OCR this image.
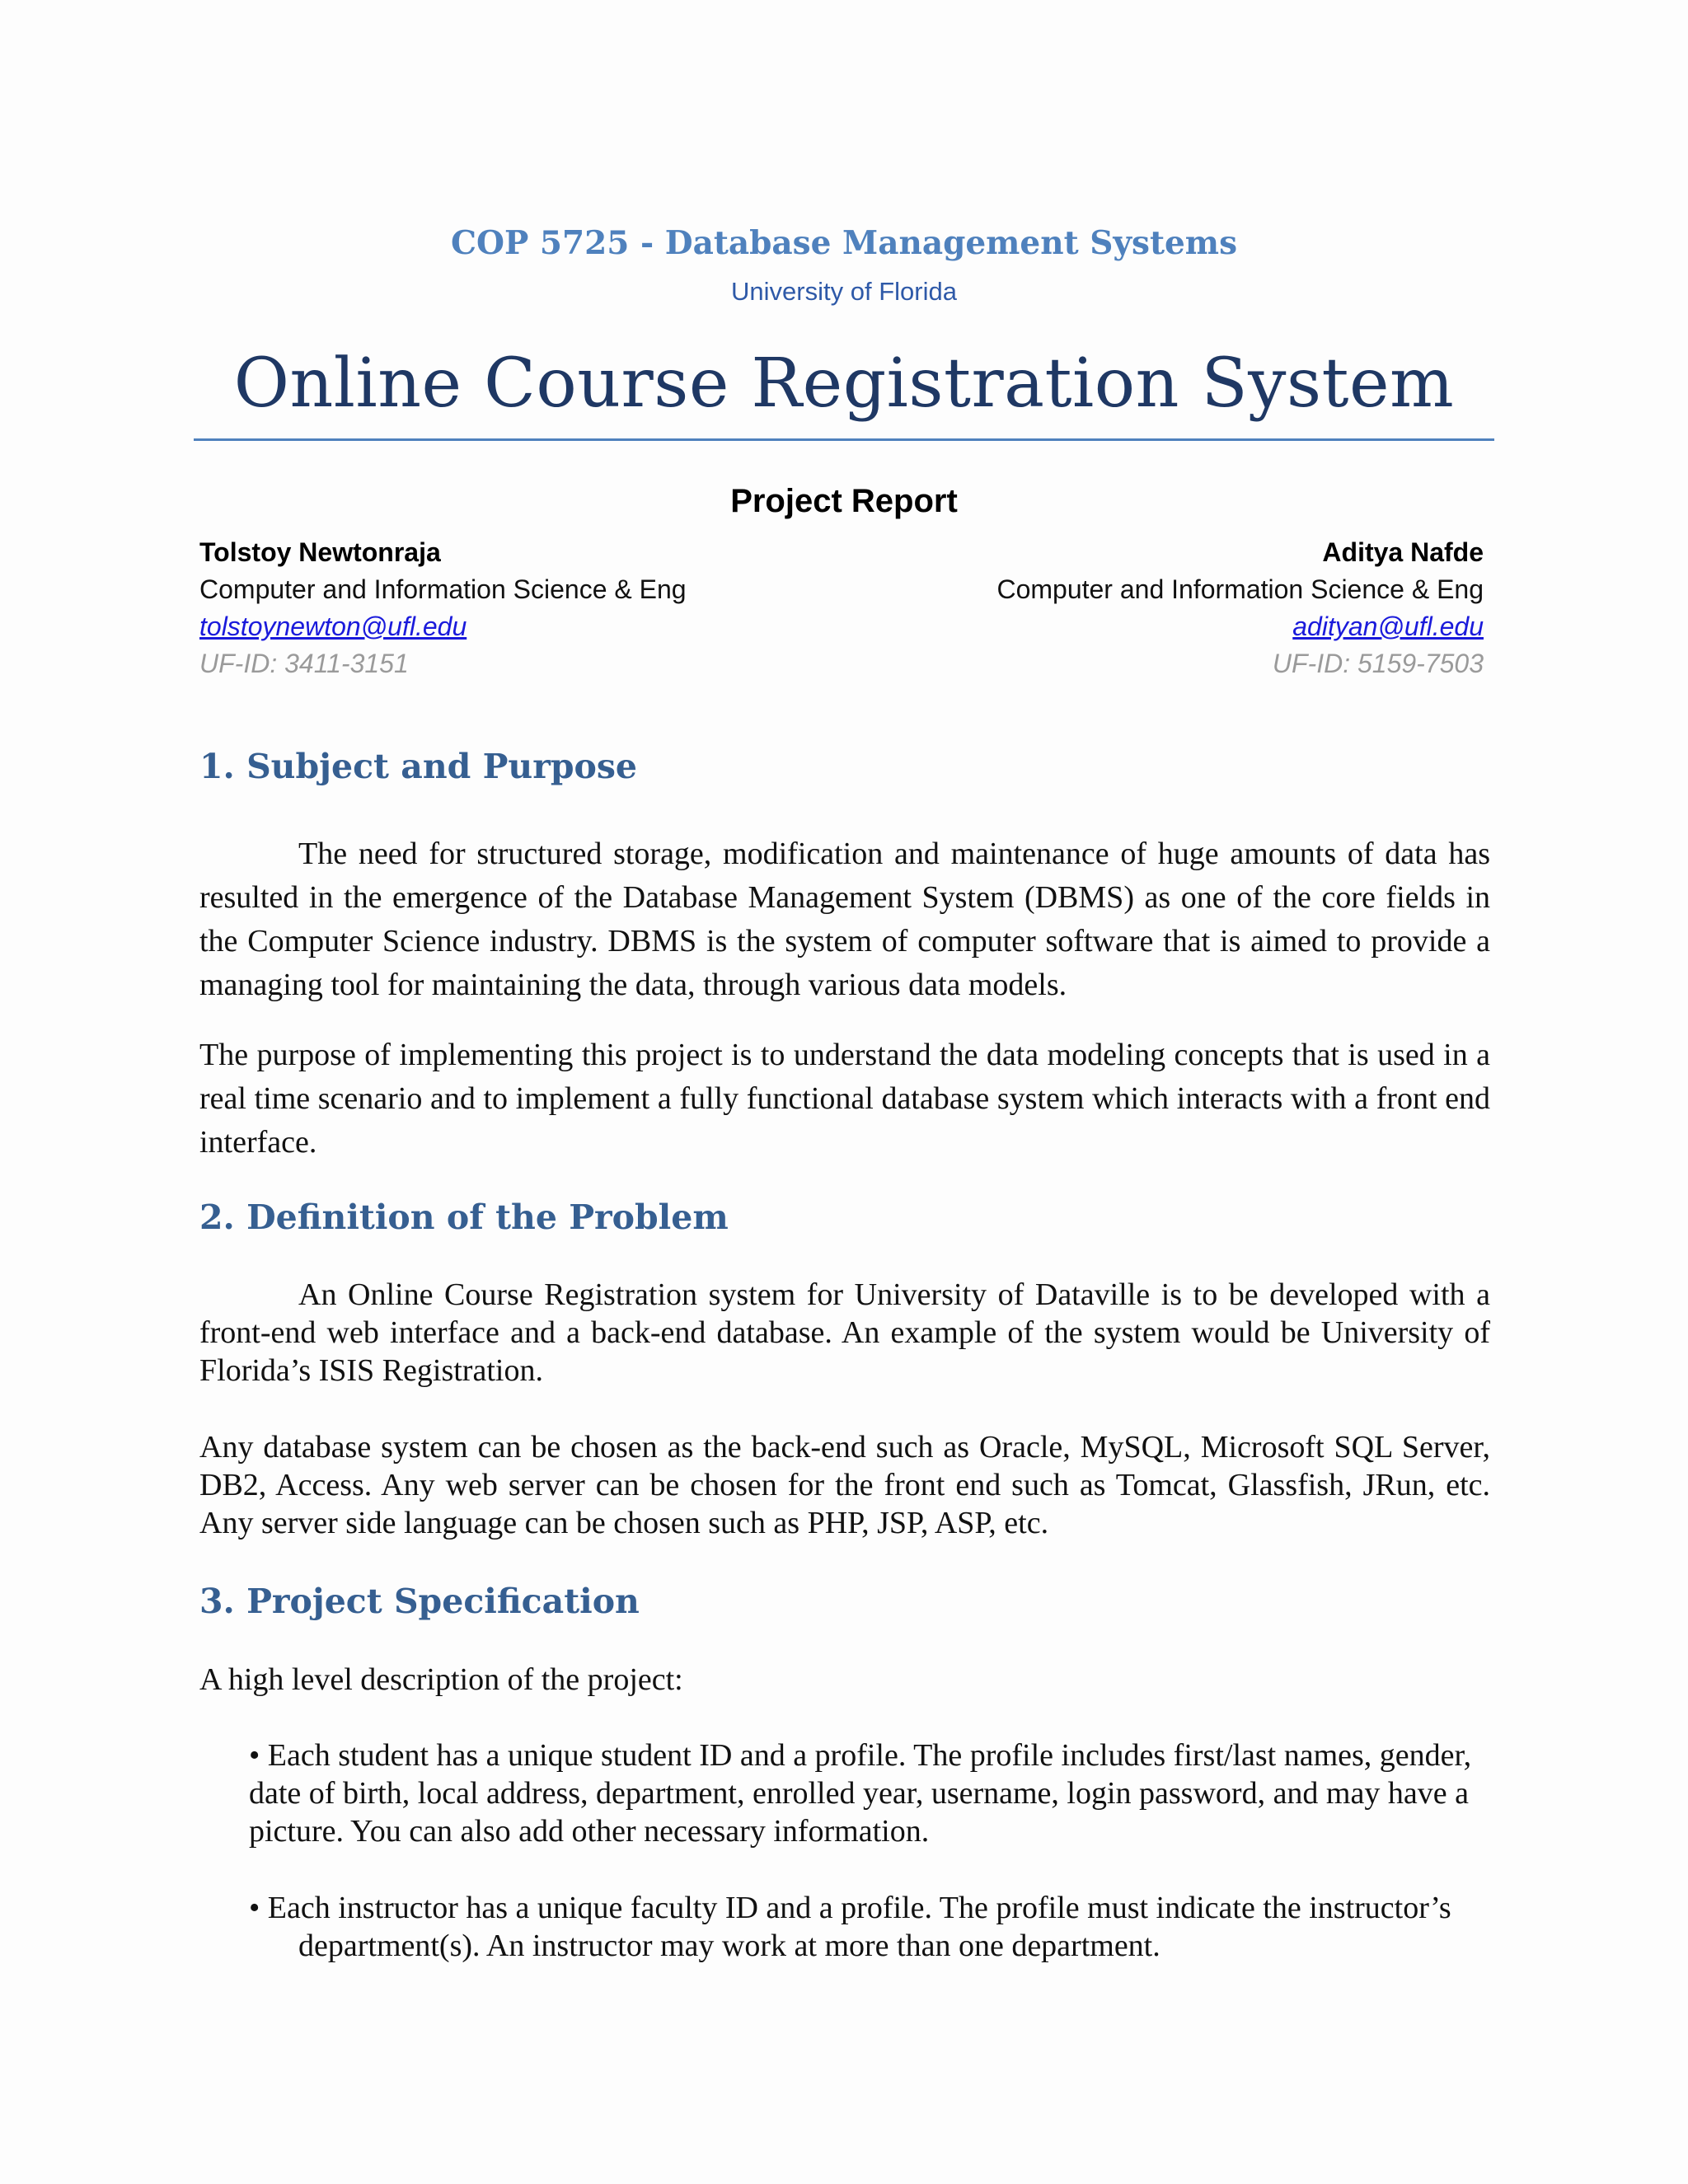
COP 5725 - Database Management Systems
University of Florida
Online Course Registration System
Project Report
Tolstoy Newtonraja
Computer and Information Science & Eng
tolstoynewton@ufl.edu
UF-ID: 3411-3151
Aditya Nafde
Computer and Information Science & Eng
adityan@ufl.edu
UF-ID: 5159-7503
1. Subject and Purpose
The need for structured storage, modification and maintenance of huge amounts of data has resulted in the emergence of the Database Management System (DBMS) as one of the core fields in the Computer Science industry. DBMS is the system of computer software that is aimed to provide a managing tool for maintaining the data, through various data models.
The purpose of implementing this project is to understand the data modeling concepts that is used in a real time scenario and to implement a fully functional database system which interacts with a front end interface.
2. Definition of the Problem
An Online Course Registration system for University of Dataville is to be developed with a front-end web interface and a back-end database. An example of the system would be University of Florida’s ISIS Registration.
Any database system can be chosen as the back-end such as Oracle, MySQL, Microsoft SQL Server, DB2, Access. Any web server can be chosen for the front end such as Tomcat, Glassfish, JRun, etc. Any server side language can be chosen such as PHP, JSP, ASP, etc.
3. Project Specification
A high level description of the project:
• Each student has a unique student ID and a profile. The profile includes first/last names, gender, date of birth, local address, department, enrolled year, username, login password, and may have a picture. You can also add other necessary information.
• Each instructor has a unique faculty ID and a profile. The profile must indicate the instructor’s department(s). An instructor may work at more than one department.
